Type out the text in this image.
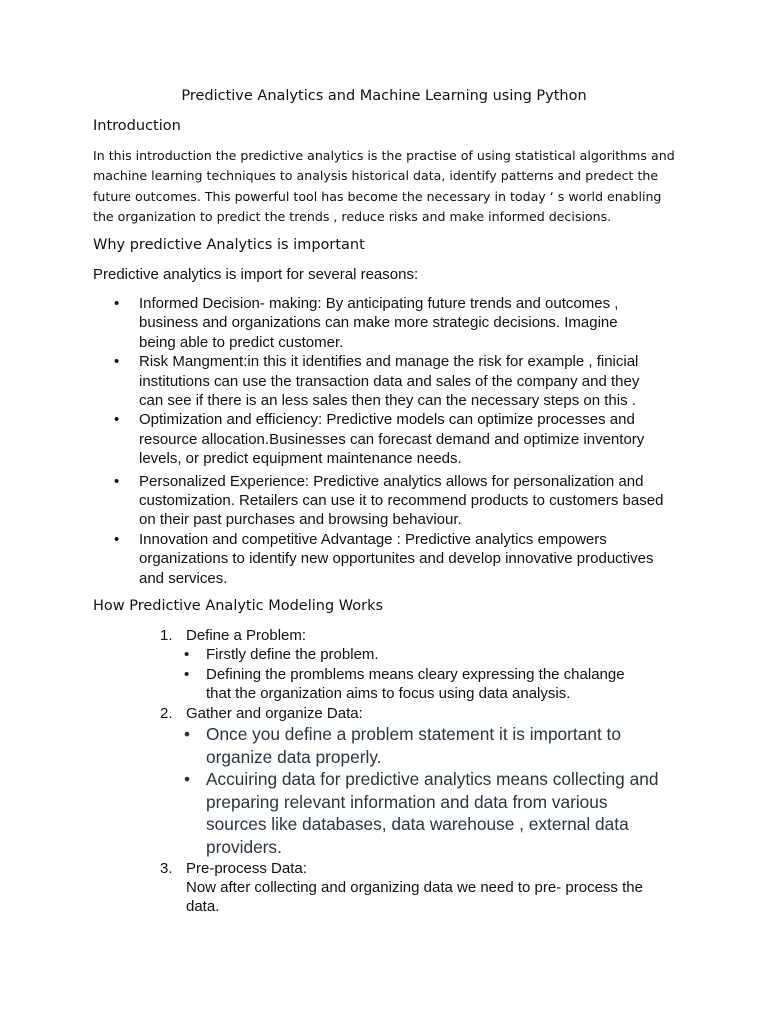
Predictive Analytics and Machine Learning using Python
Introduction

In this introduction the predictive analytics is the practise of using statistical algorithms and

machine learning techniques to analysis historical data, identify patterns and predect the

future outcomes. This powerful tool has become the necessary in today ‘ s world enabling

the organization to predict the trends , reduce risks and make informed decisions.

Why predictive Analytics is important
Predictive analytics is import for several reasons:
• Informed Decision- making: By anticipating future trends and outcomes , business and organizations can make more strategic decisions. Imagine being able to predict customer.
• Risk Mangment:in this it identifies and manage the risk for example , finicial institutions can use the transaction data and sales of the company and they can see if there is an less sales then they can the necessary steps on this .
• Optimization and efficiency: Predictive models can optimize processes and resource allocation.Businesses can forecast demand and optimize inventory levels, or predict equipment maintenance needs.
• Personalized Experience: Predictive analytics allows for personalization and customization. Retailers can use it to recommend products to customers based on their past purchases and browsing behaviour.
• Innovation and competitive Advantage : Predictive analytics empowers organizations to identify new opportunites and develop innovative productives and services.
How Predictive Analytic Modeling Works
1. Define a Problem:
• Firstly define the problem.
• Defining the promblems means cleary expressing the chalange that the organization aims to focus using data analysis.
2. Gather and organize Data:
• Once you define a problem statement it is important to organize data properly.
• Accuiring data for predictive analytics means collecting and preparing relevant information and data from various sources like databases, data warehouse , external data providers.
3. Pre-process Data:
Now after collecting and organizing data we need to pre- process the data.
